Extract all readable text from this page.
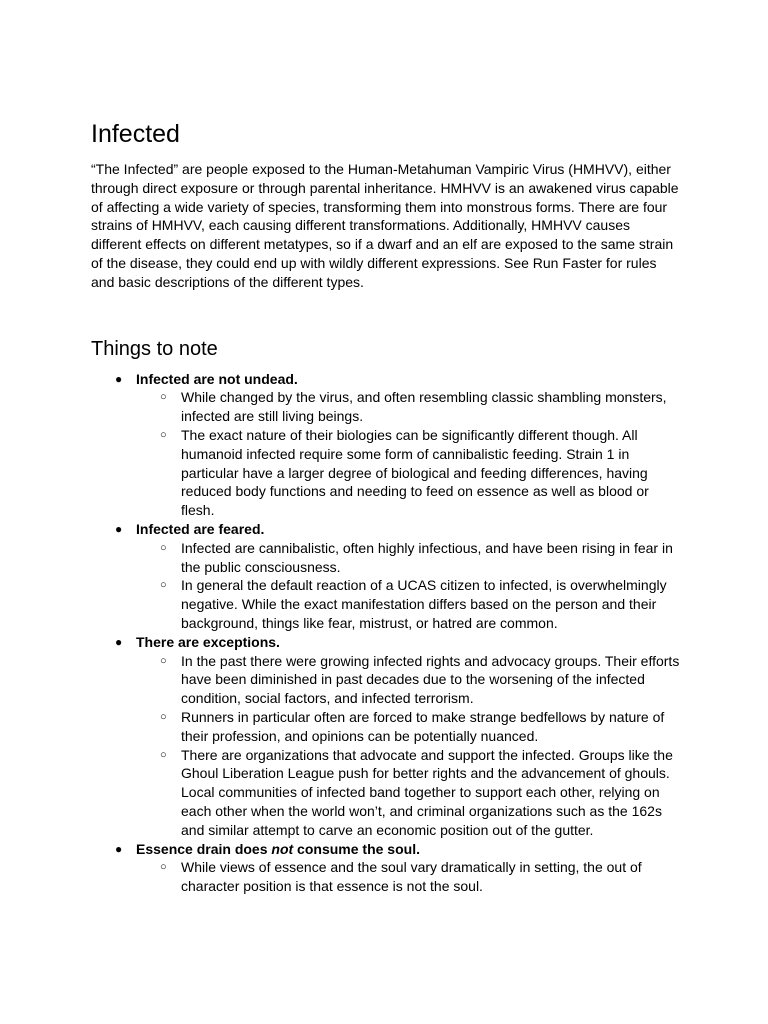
Infected

“The Infected” are people exposed to the Human-Metahuman Vampiric Virus (HMHVV), either through direct exposure or through parental inheritance. HMHVV is an awakened virus capable of affecting a wide variety of species, transforming them into monstrous forms. There are four strains of HMHVV, each causing different transformations. Additionally, HMHVV causes different effects on different metatypes, so if a dwarf and an elf are exposed to the same strain of the disease, they could end up with wildly different expressions. See Run Faster for rules and basic descriptions of the different types.

Things to note
● Infected are not undead.
○ While changed by the virus, and often resembling classic shambling monsters, infected are still living beings.
○ The exact nature of their biologies can be significantly different though. All humanoid infected require some form of cannibalistic feeding. Strain 1 in particular have a larger degree of biological and feeding differences, having reduced body functions and needing to feed on essence as well as blood or flesh.
● Infected are feared.
○ Infected are cannibalistic, often highly infectious, and have been rising in fear in the public consciousness.
○ In general the default reaction of a UCAS citizen to infected, is overwhelmingly negative. While the exact manifestation differs based on the person and their background, things like fear, mistrust, or hatred are common.
● There are exceptions.
○ In the past there were growing infected rights and advocacy groups. Their efforts have been diminished in past decades due to the worsening of the infected condition, social factors, and infected terrorism.
○ Runners in particular often are forced to make strange bedfellows by nature of their profession, and opinions can be potentially nuanced.
○ There are organizations that advocate and support the infected. Groups like the Ghoul Liberation League push for better rights and the advancement of ghouls. Local communities of infected band together to support each other, relying on each other when the world won’t, and criminal organizations such as the 162s and similar attempt to carve an economic position out of the gutter.
● Essence drain does not consume the soul.
○ While views of essence and the soul vary dramatically in setting, the out of character position is that essence is not the soul.
